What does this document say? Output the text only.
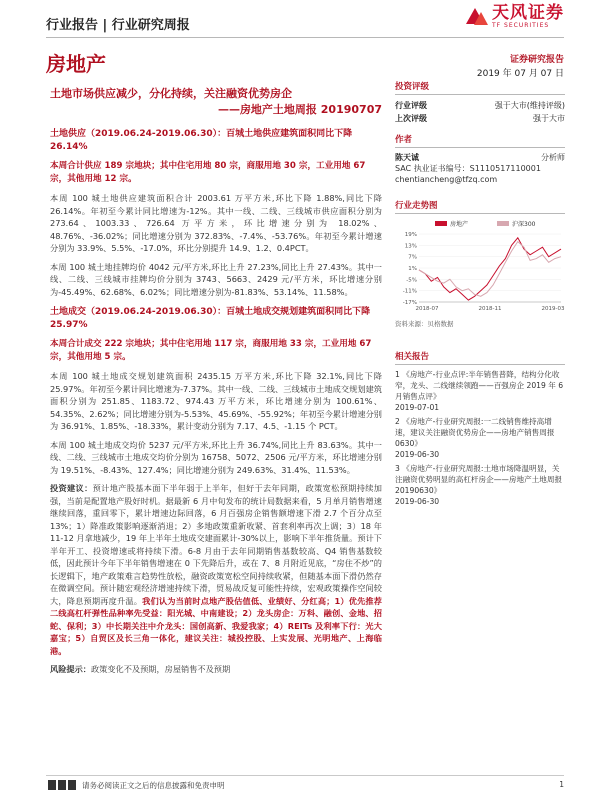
行业报告 | 行业研究周报
天风证券
TF SECURITIES
房地产	证券研究报告
2019 年 07 月 07 日
土地市场供应减少，分化持续，关注融资优势房企
——房地产土地周报 20190707
土地供应（2019.06.24-2019.06.30）：百城土地供应建筑面积同比下降 26.14%
本周合计供应 189 宗地块；其中住宅用地 80 宗，商服用地 30 宗，工业用地 67 宗，其他用地 12 宗。
本周 100 城土地供应建筑面积合计 2003.61 万平方米,环比下降 1.88%,同比下降 26.14%。年初至今累计同比增速为-12%。其中一线、二线、三线城市供应面积分别为 273.64、1003.33、726.64 万平方米，环比增速分别为 18.02%、48.76%、-36.02%；同比增速分别为 372.83%、-7.4%、-53.76%。年初至今累计增速分别为 33.9%、5.5%、-17.0%，环比分别提升 14.9、1.2、0.4PCT。
本周 100 城土地挂牌均价 4042 元/平方米,环比上升 27.23%,同比上升 27.43%。其中一线、二线、三线城市挂牌均价分别为 3743、5663、2429 元/平方米，环比增速分别为-45.49%、62.68%、6.02%；同比增速分别为-81.83%、53.14%、11.58%。
土地成交（2019.06.24-2019.06.30）：百城土地成交规划建筑面积同比下降 25.97%
本周合计成交 222 宗地块；其中住宅用地 117 宗，商服用地 33 宗，工业用地 67 宗，其他用地 5 宗。
本周 100 城土地成交规划建筑面积 2435.15 万平方米,环比下降 32.1%,同比下降 25.97%。年初至今累计同比增速为-7.37%。其中一线、二线、三线城市土地成交规划建筑面积分别为 251.85、1183.72、974.43 万平方米，环比增速分别为 100.61%、54.35%、2.62%；同比增速分别为-5.53%、45.69%、-55.92%；年初至今累计增速分别为 36.91%、1.85%、-18.33%，累计变动分别为 7.17、4.5、-1.15 个 PCT。
本周 100 城土地成交均价 5237 元/平方米,环比上升 36.74%,同比上升 83.63%。其中一线、二线、三线城市土地成交均价分别为 16758、5072、2506 元/平方米，环比增速分别为 19.51%、-8.43%、127.4%；同比增速分别为 249.63%、31.4%、11.53%。
投资建议：预计地产股基本面下半年弱于上半年，但好于去年同期，政策宽松预期持续加强，当前是配置地产股好时机。据最新 6 月中旬发布的统计局数据来看，5 月单月销售增速继续回落，重回零下，累计增速边际回落，6 月百强房企销售额增速下滑 2.7 个百分点至 13%；1）降准政策影响逐渐消退；2）多地政策重新收紧、首套利率再次上调；3）18 年 11-12 月拿地减少，19 年上半年土地成交建面累计-30%以上，影响下半年推货量。预计下半年开工、投资增速或将持续下滑。6-8 月由于去年同期销售基数较高、Q4 销售基数较低，因此预计今年下半年销售增速在 0 下先降后升，或在 7、8 月附近见底，“房住不炒”的长逻辑下，地产政策难言趋势性放松，融资政策宽松空间持续收紧，但随基本面下滑仍然存在微调空间。预计随宏观经济增速持续下滑，贸易战反复可能性持续，宏观政策操作空间较大，降息预期再度升温。我们认为当前时点地产股估值低、业绩好、分红高；1）优先推荐二线高杠杆弹性品种率先受益：阳光城、中南建设；2）龙头房企：万科、融创、金地、招蛇、保利；3）中长期关注中介龙头：国创高新、我爱我家；4）REITs 及利率下行：光大嘉宝；5）自贸区及长三角一体化，建议关注：城投控股、上实发展、光明地产、上海临港。
风险提示：政策变化不及预期，房屋销售不及预期
投资评级
行业评级	强于大市(维持评级)
上次评级	强于大市
作者
陈天诚	分析师
SAC 执业证书编号：S1110517110001
chentiancheng@tfzq.com
行业走势图
房地产	沪深300
-17%
-11%
-5%
1%
7%
13%
19%
2018-07	2018-11	2019-03
资料来源：贝格数据
相关报告
1 《房地产-行业点评:半年销售普降，结构分化收窄，龙头、二线继续领跑——百强房企 2019 年 6 月销售点评》
2019-07-01
2 《房地产-行业研究周报:一二线销售维持高增速，建议关注融资优势房企——房地产销售周报 0630》
2019-06-30
3 《房地产-行业研究周报:土地市场降温明显，关注融资优势明显的高杠杆房企——房地产土地周报 20190630》
2019-06-30
请务必阅读正文之后的信息披露和免责申明	1
